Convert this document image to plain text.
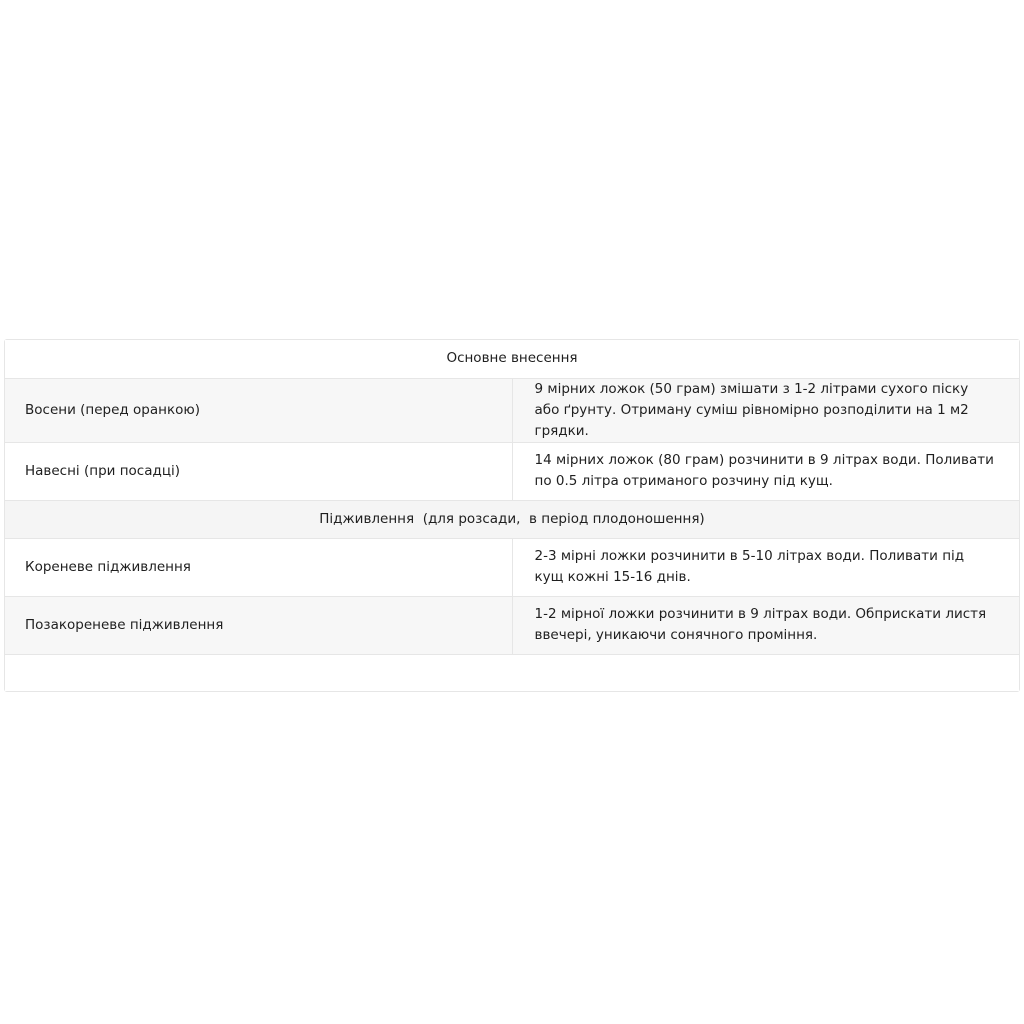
Основне внесення	
Восени (перед оранкою)	9 мірних ложок (50 грам) змішати з 1-2 літрами сухого піску або ґрунту. Отриману суміш рівномірно розподілити на 1 м2 грядки.
Навесні (при посадці)	14 мірних ложок (80 грам) розчинити в 9 літрах води. Поливати по 0.5 літра отриманого розчину під кущ.
Підживлення  (для розсади,  в період плодоношення)	
Кореневе підживлення	2-3 мірні ложки розчинити в 5-10 літрах води. Поливати під кущ кожні 15-16 днів.
Позакореневе підживлення	1-2 мірної ложки розчинити в 9 літрах води. Обприскати листя ввечері, уникаючи сонячного проміння.
